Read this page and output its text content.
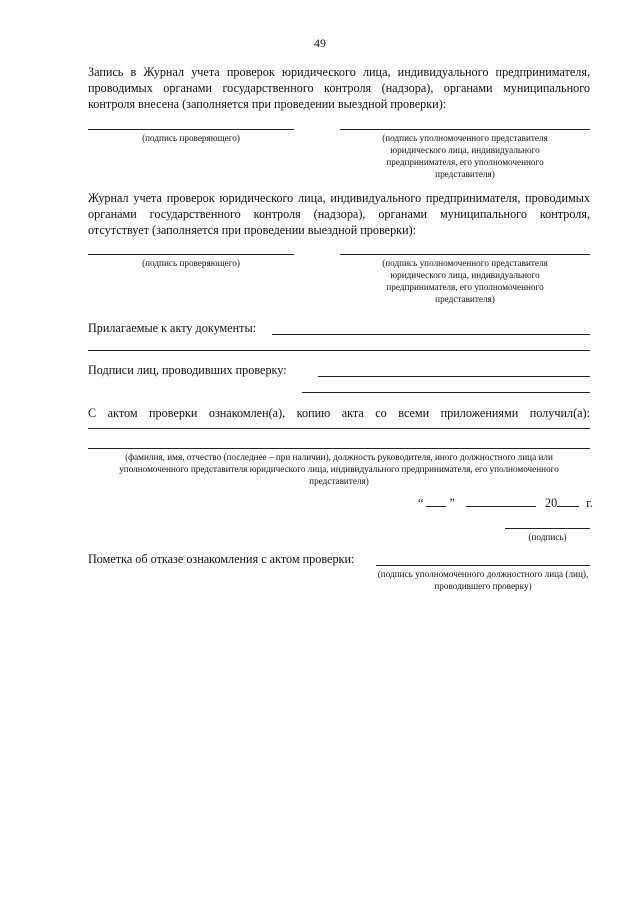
49
Запись в Журнал учета проверок юридического лица, индивидуального предпринимателя, проводимых органами государственного контроля (надзора), органами муниципального контроля внесена (заполняется при проведении выездной проверки):
(подпись проверяющего)	(подпись уполномоченного представителя юридического лица, индивидуального предпринимателя, его уполномоченного представителя)
Журнал учета проверок юридического лица, индивидуального предпринимателя, проводимых органами государственного контроля (надзора), органами муниципального контроля, отсутствует (заполняется при проведении выездной проверки):
(подпись проверяющего)	(подпись уполномоченного представителя юридического лица, индивидуального предпринимателя, его уполномоченного представителя)
Прилагаемые к акту документы:
Подписи лиц, проводивших проверку:
С актом проверки ознакомлен(а), копию акта со всеми приложениями получил(а):
(фамилия, имя, отчество (последнее – при наличии), должность руководителя, иного должностного лица или уполномоченного представителя юридического лица, индивидуального предпринимателя, его уполномоченного представителя)
“ ”	20 г.
(подпись)
Пометка об отказе ознакомления с актом проверки:
(подпись уполномоченного должностного лица (лиц), проводившего проверку)
